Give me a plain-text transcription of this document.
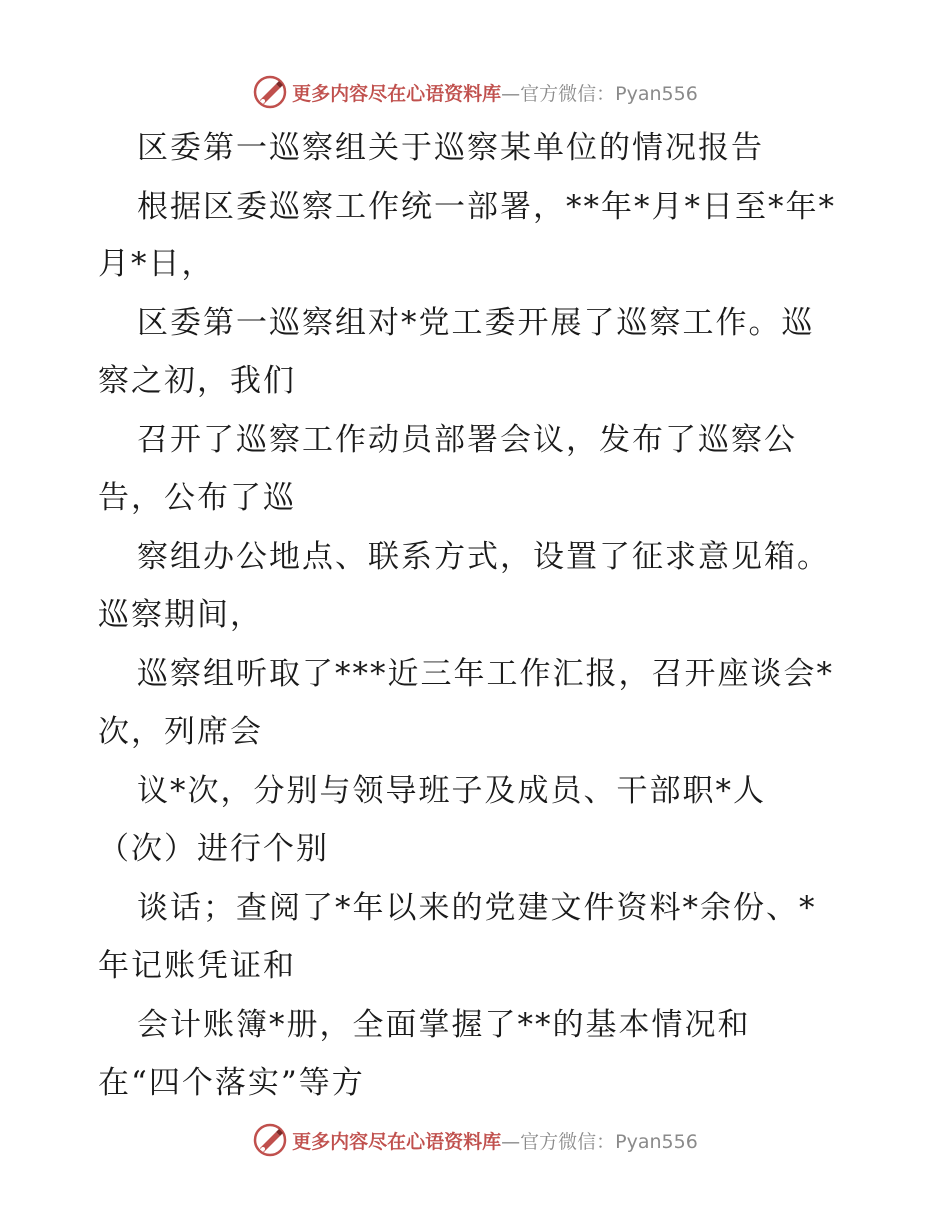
更多内容尽在心语资料库—官方微信：Pyan556
区委第一巡察组关于巡察某单位的情况报告
根据区委巡察工作统一部署，**年*月*日至*年*
月*日，
区委第一巡察组对*党工委开展了巡察工作。巡
察之初，我们
召开了巡察工作动员部署会议，发布了巡察公
告，公布了巡
察组办公地点、联系方式，设置了征求意见箱。
巡察期间，
巡察组听取了***近三年工作汇报，召开座谈会*
次，列席会
议*次，分别与领导班子及成员、干部职*人
（次）进行个别
谈话；查阅了*年以来的党建文件资料*余份、*
年记账凭证和
会计账簿*册，全面掌握了**的基本情况和
在“四个落实”等方
更多内容尽在心语资料库—官方微信：Pyan556
